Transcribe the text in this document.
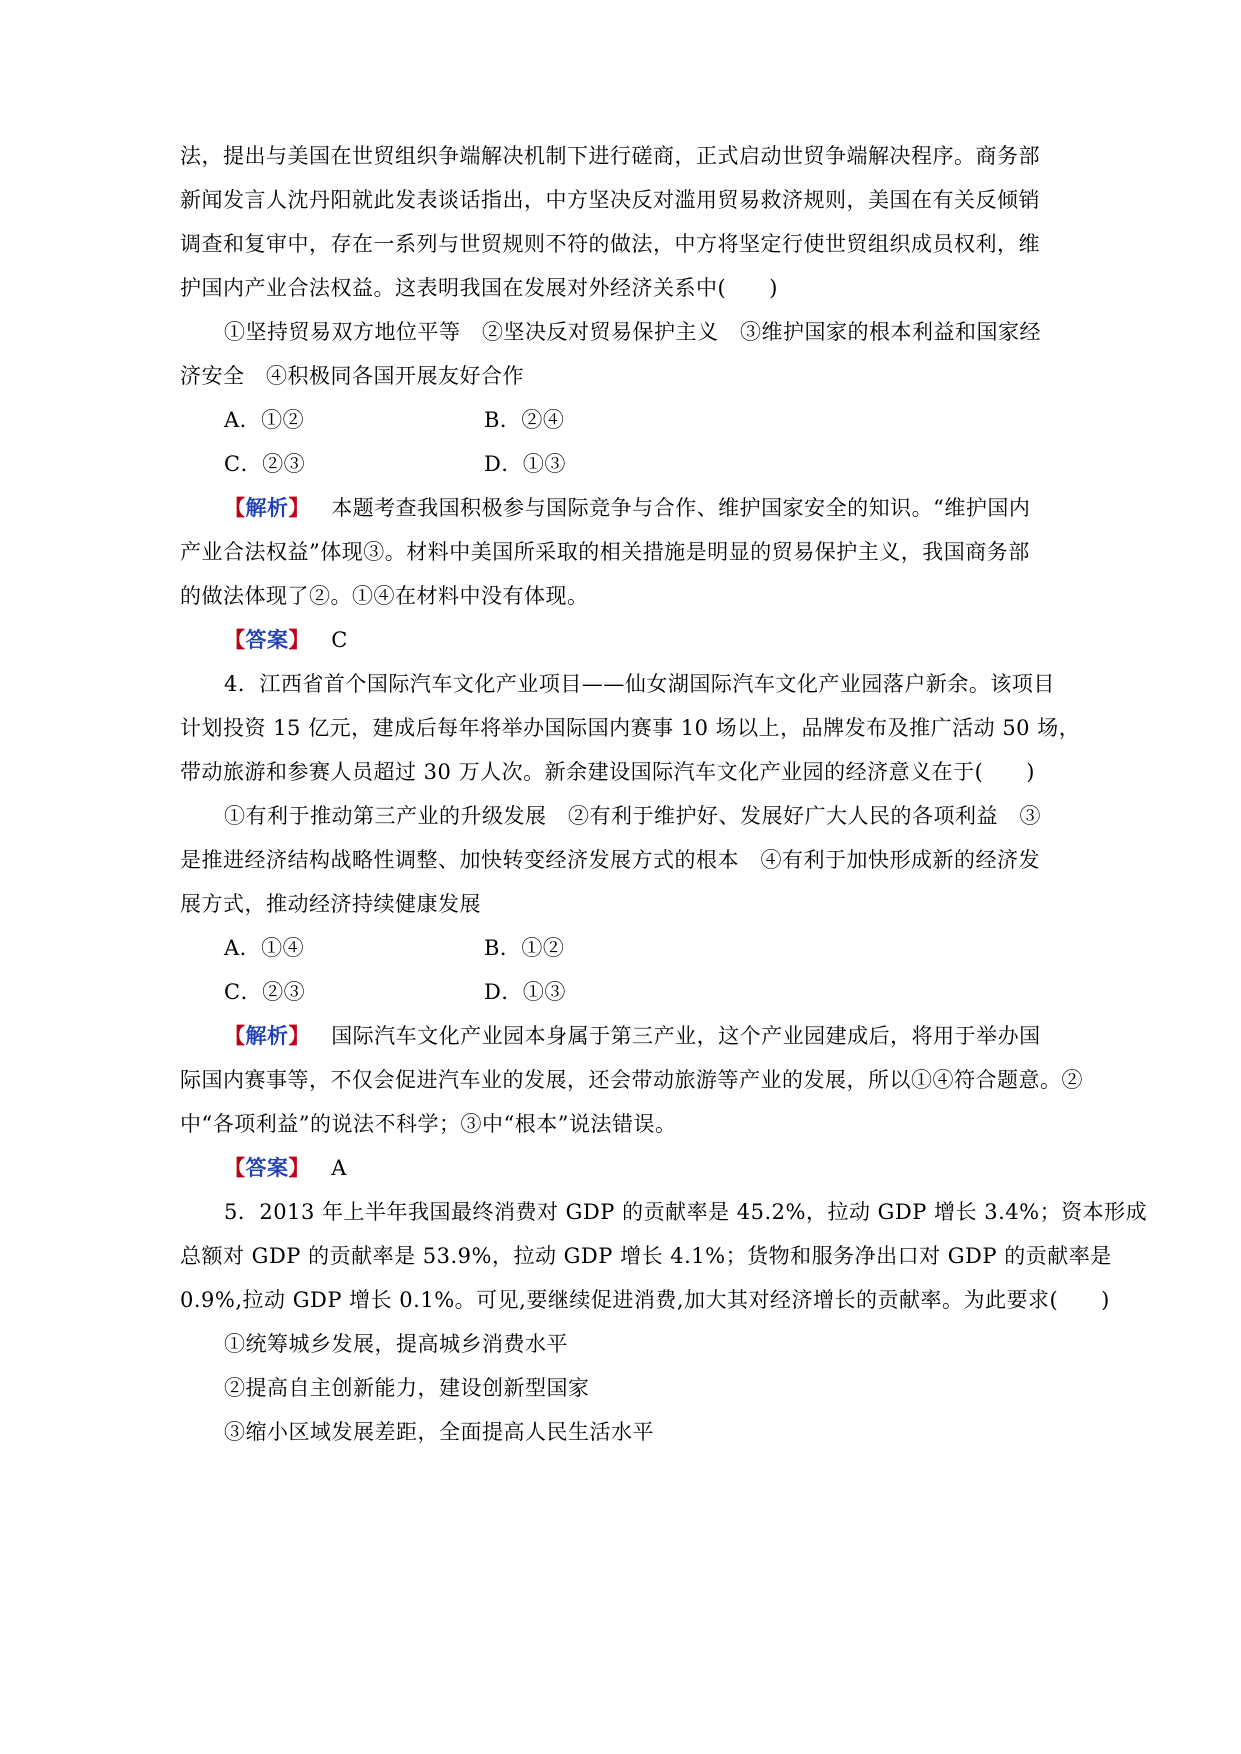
法，提出与美国在世贸组织争端解决机制下进行磋商，正式启动世贸争端解决程序。商务部
新闻发言人沈丹阳就此发表谈话指出，中方坚决反对滥用贸易救济规则，美国在有关反倾销
调查和复审中，存在一系列与世贸规则不符的做法，中方将坚定行使世贸组织成员权利，维
护国内产业合法权益。这表明我国在发展对外经济关系中(　　)
①坚持贸易双方地位平等　②坚决反对贸易保护主义　③维护国家的根本利益和国家经
济安全　④积极同各国开展友好合作
A．①②	B．②④
C．②③	D．①③
【解析】 本题考查我国积极参与国际竞争与合作、维护国家安全的知识。“维护国内
产业合法权益”体现③。材料中美国所采取的相关措施是明显的贸易保护主义，我国商务部
的做法体现了②。①④在材料中没有体现。
【答案】 C
4．江西省首个国际汽车文化产业项目——仙女湖国际汽车文化产业园落户新余。该项目
计划投资 15 亿元，建成后每年将举办国际国内赛事 10 场以上，品牌发布及推广活动 50 场，
带动旅游和参赛人员超过 30 万人次。新余建设国际汽车文化产业园的经济意义在于(　　)
①有利于推动第三产业的升级发展　②有利于维护好、发展好广大人民的各项利益　③
是推进经济结构战略性调整、加快转变经济发展方式的根本　④有利于加快形成新的经济发
展方式，推动经济持续健康发展
A．①④	B．①②
C．②③	D．①③
【解析】 国际汽车文化产业园本身属于第三产业，这个产业园建成后，将用于举办国
际国内赛事等，不仅会促进汽车业的发展，还会带动旅游等产业的发展，所以①④符合题意。②
中“各项利益”的说法不科学；③中“根本”说法错误。
【答案】 A
5．2013 年上半年我国最终消费对 GDP 的贡献率是 45.2%，拉动 GDP 增长 3.4%；资本形成
总额对 GDP 的贡献率是 53.9%，拉动 GDP 增长 4.1%；货物和服务净出口对 GDP 的贡献率是
0.9%,拉动 GDP 增长 0.1%。可见,要继续促进消费,加大其对经济增长的贡献率。为此要求(　　)
①统筹城乡发展，提高城乡消费水平
②提高自主创新能力，建设创新型国家
③缩小区域发展差距，全面提高人民生活水平
